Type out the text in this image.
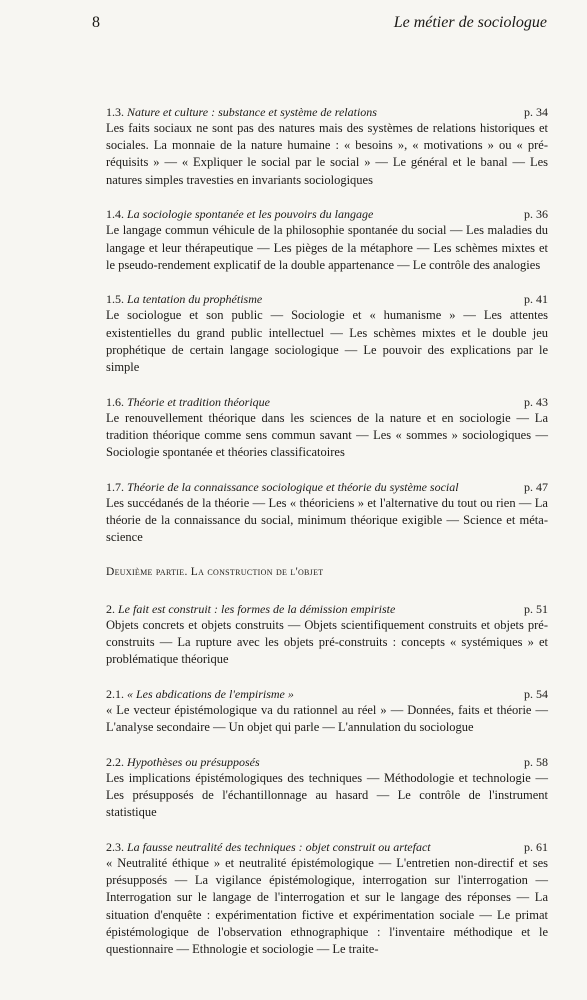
8	Le métier de sociologue
1.3. Nature et culture : substance et système de relations	p. 34
Les faits sociaux ne sont pas des natures mais des systèmes de relations historiques et sociales. La monnaie de la nature humaine : « besoins », « motivations » ou « pré-réquisits » — « Expliquer le social par le social » — Le général et le banal — Les natures simples travesties en invariants sociologiques
1.4. La sociologie spontanée et les pouvoirs du langage	p. 36
Le langage commun véhicule de la philosophie spontanée du social — Les maladies du langage et leur thérapeutique — Les pièges de la métaphore — Les schèmes mixtes et le pseudo-rendement explicatif de la double appartenance — Le contrôle des analogies
1.5. La tentation du prophétisme	p. 41
Le sociologue et son public — Sociologie et « humanisme » — Les attentes existentielles du grand public intellectuel — Les schèmes mixtes et le double jeu prophétique de certain langage sociologique — Le pouvoir des explications par le simple
1.6. Théorie et tradition théorique	p. 43
Le renouvellement théorique dans les sciences de la nature et en sociologie — La tradition théorique comme sens commun savant — Les « sommes » sociologiques — Sociologie spontanée et théories classificatoires
1.7. Théorie de la connaissance sociologique et théorie du système social	p. 47
Les succédanés de la théorie — Les « théoriciens » et l'alternative du tout ou rien — La théorie de la connaissance du social, minimum théorique exigible — Science et méta-science
Deuxième partie. La construction de l'objet
2. Le fait est construit : les formes de la démission empiriste	p. 51
Objets concrets et objets construits — Objets scientifiquement construits et objets pré-construits — La rupture avec les objets pré-construits : concepts « systémiques » et problématique théorique
2.1. « Les abdications de l'empirisme »	p. 54
« Le vecteur épistémologique va du rationnel au réel » — Données, faits et théorie — L'analyse secondaire — Un objet qui parle — L'annulation du sociologue
2.2. Hypothèses ou présupposés	p. 58
Les implications épistémologiques des techniques — Méthodologie et technologie — Les présupposés de l'échantillonnage au hasard — Le contrôle de l'instrument statistique
2.3. La fausse neutralité des techniques : objet construit ou artefact	p. 61
« Neutralité éthique » et neutralité épistémologique — L'entretien non-directif et ses présupposés — La vigilance épistémologique, interrogation sur l'interrogation — Interrogation sur le langage de l'interrogation et sur le langage des réponses — La situation d'enquête : expérimentation fictive et expérimentation sociale — Le primat épistémologique de l'observation ethnographique : l'inventaire méthodique et le questionnaire — Ethnologie et sociologie — Le traite-
